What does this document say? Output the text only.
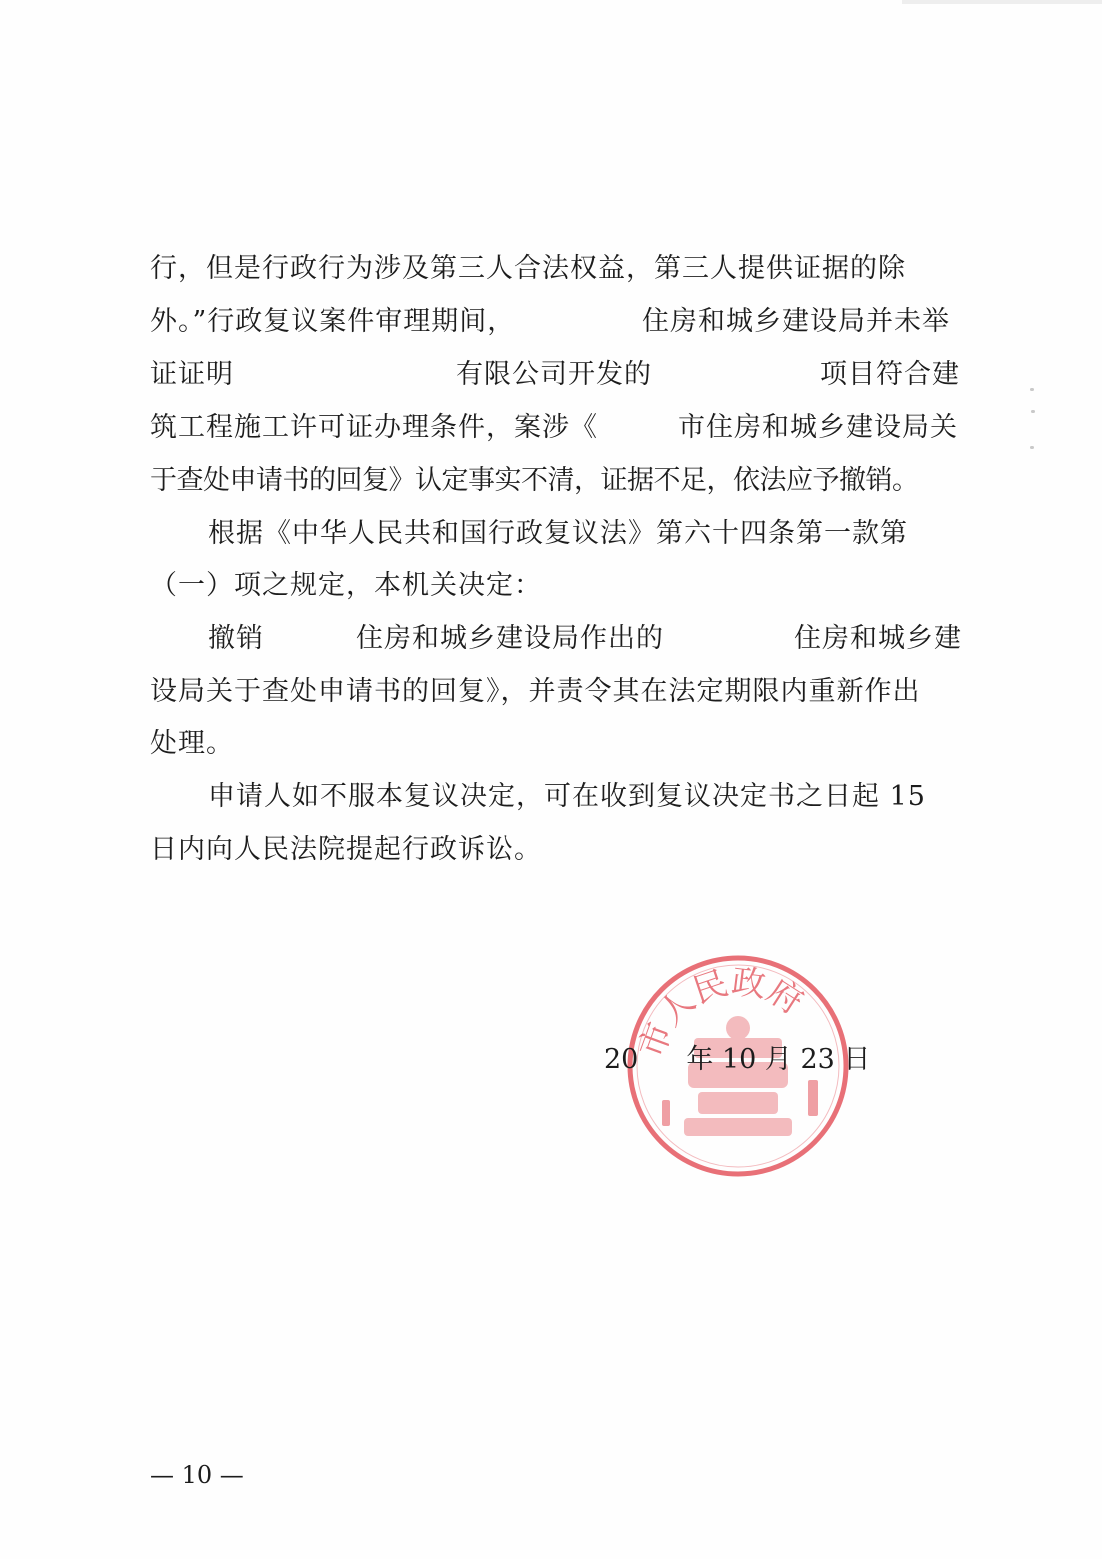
行，但是行政行为涉及第三人合法权益，第三人提供证据的除
外。”行政复议案件审理期间，	住房和城乡建设局并未举
证证明	有限公司开发的	项目符合建
筑工程施工许可证办理条件，案涉《	市住房和城乡建设局关
于查处申请书的回复》认定事实不清，证据不足，依法应予撤销。
根据《中华人民共和国行政复议法》第六十四条第一款第
（一）项之规定，本机关决定：
撤销	住房和城乡建设局作出的	住房和城乡建
设局关于查处申请书的回复》，并责令其在法定期限内重新作出
处理。
申请人如不服本复议决定，可在收到复议决定书之日起 15
日内向人民法院提起行政诉讼。
市人民政府
20 年 10 月 23 日
— 10 —
